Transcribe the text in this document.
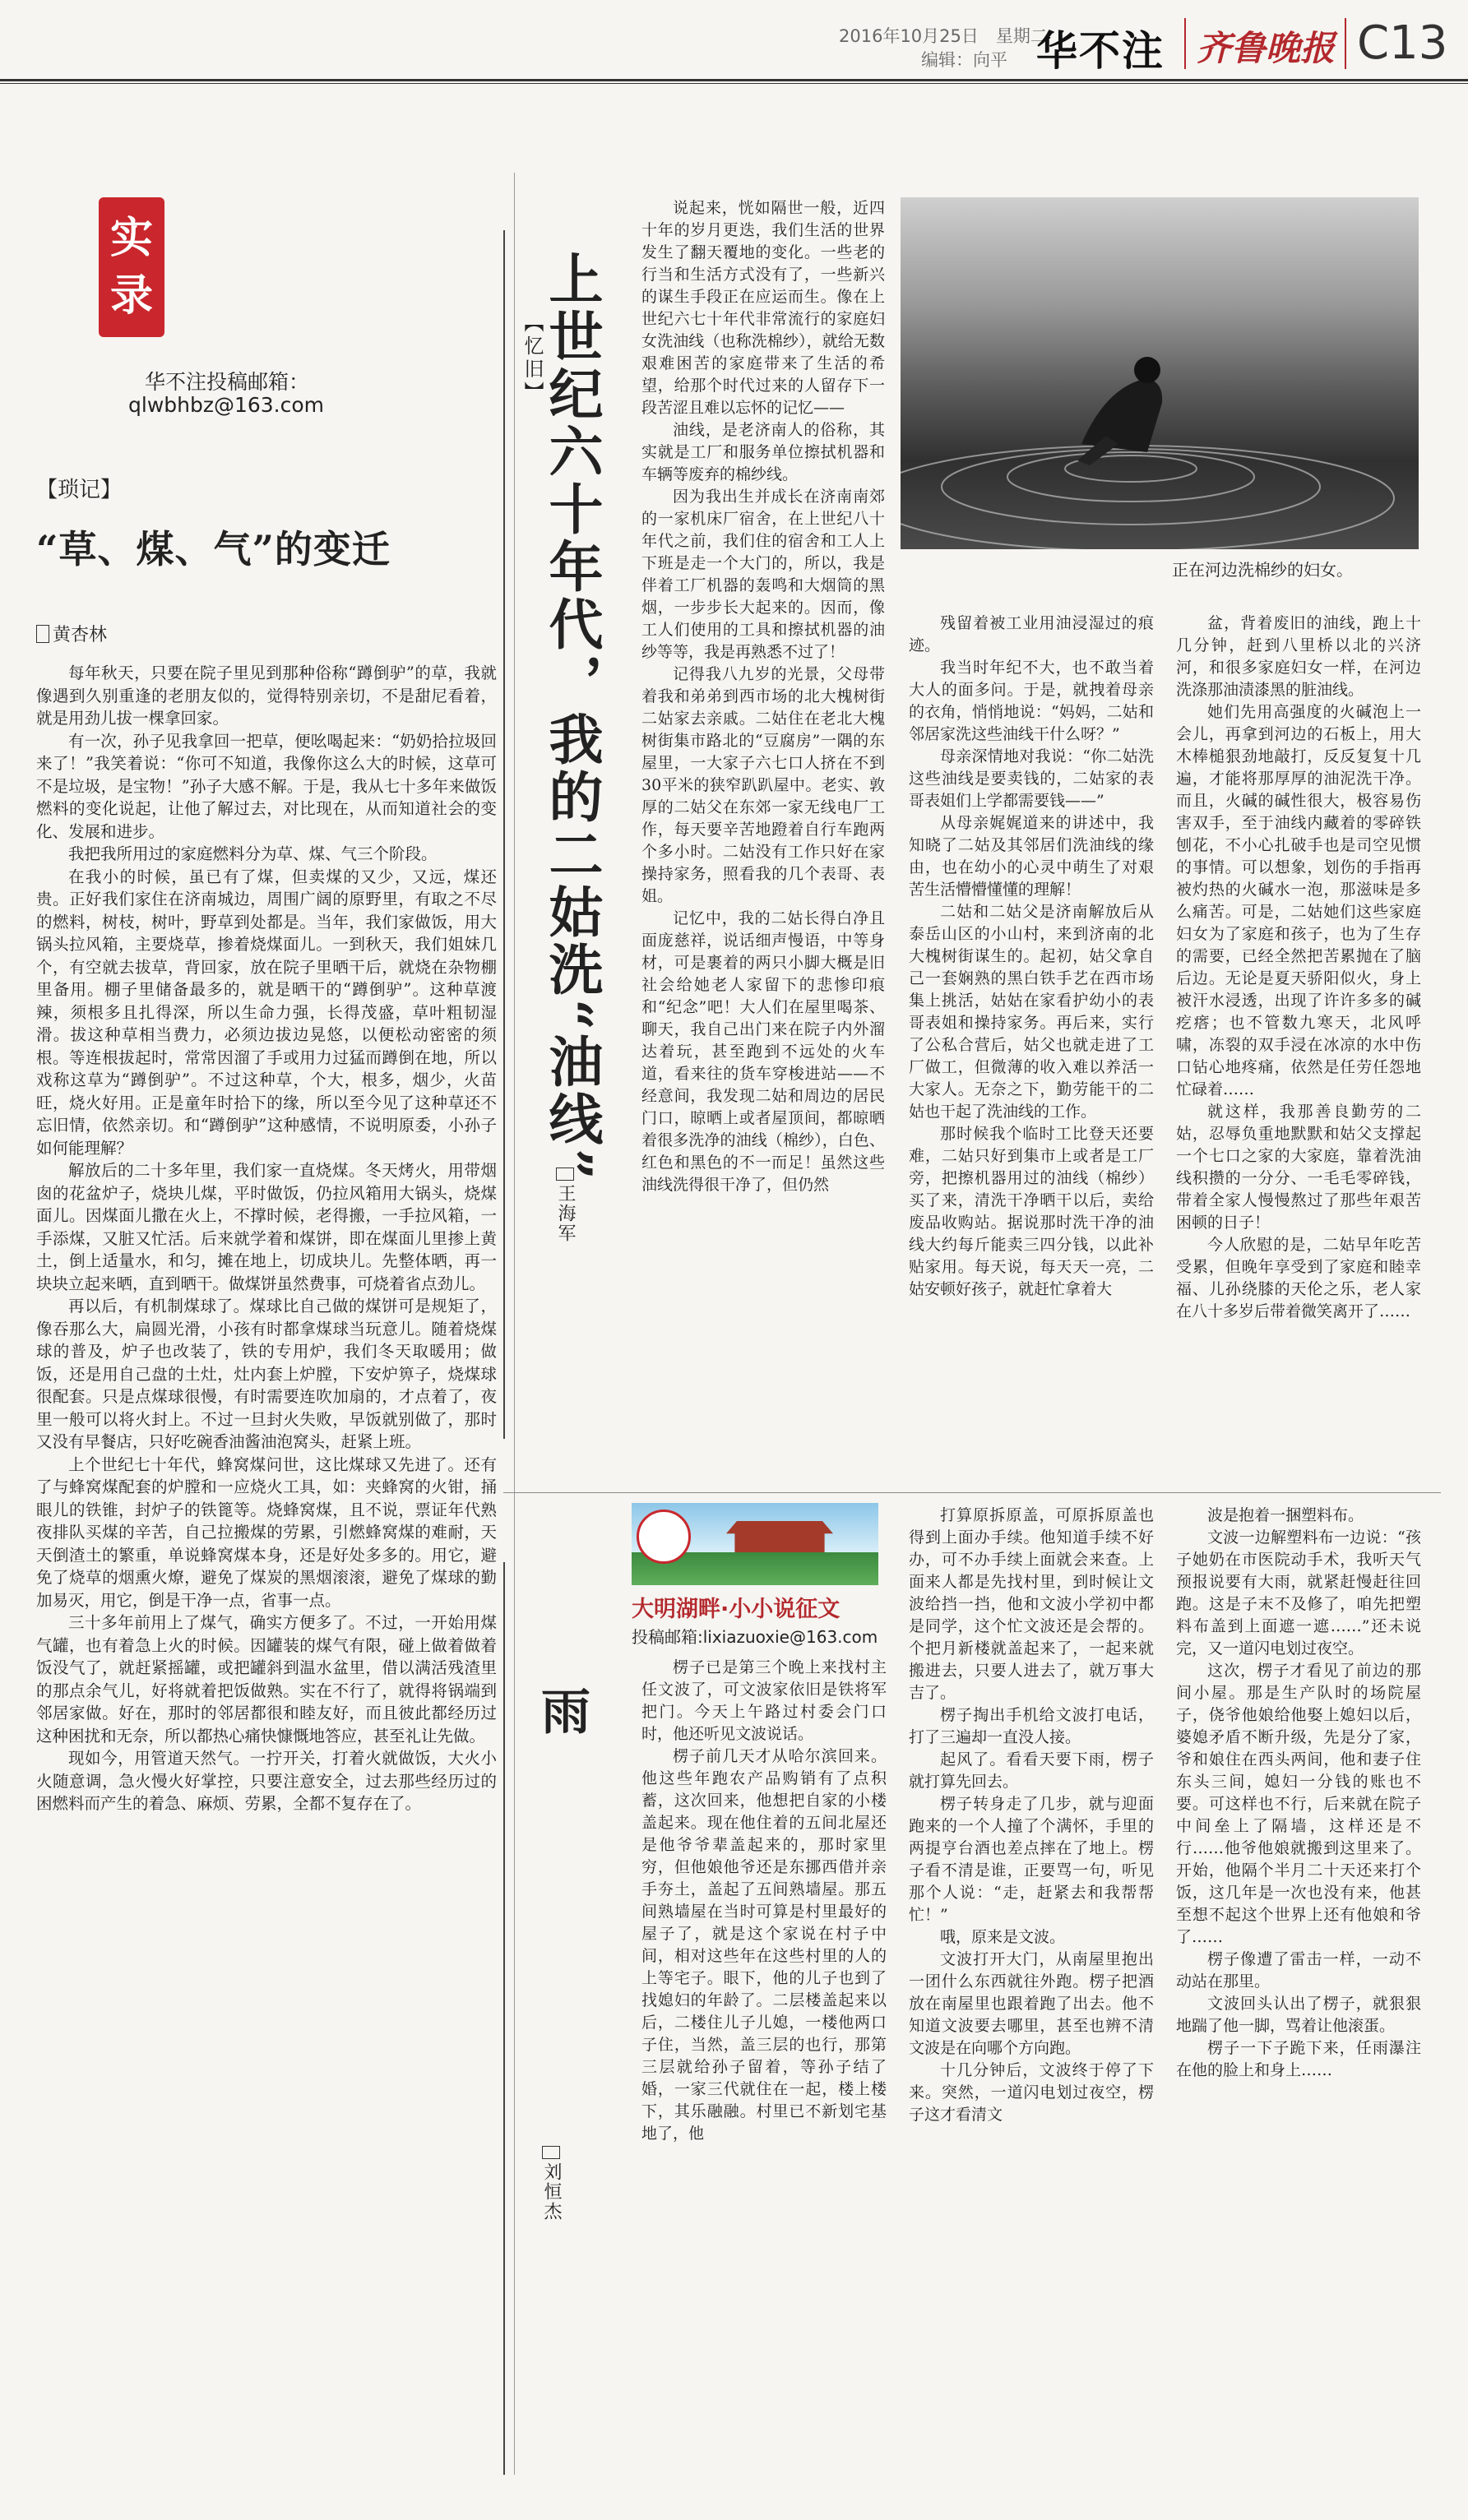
2016年10月25日　星期二
编辑：向平 华不注 齐鲁晚报 C13
实
录
华不注投稿邮箱：
qlwbhbz@163.com
【琐记】
“草、煤、气”的变迁
黄杏林

每年秋天，只要在院子里见到那种俗称“蹲倒驴”的草，我就像遇到久别重逢的老朋友似的，觉得特别亲切，不是甜尼看着，就是用劲儿拔一棵拿回家。

有一次，孙子见我拿回一把草，便吆喝起来：“奶奶拾拉圾回来了！”我笑着说：“你可不知道，我像你这么大的时候，这草可不是垃圾，是宝物！”孙子大感不解。于是，我从七十多年来做饭燃料的变化说起，让他了解过去，对比现在，从而知道社会的变化、发展和进步。

我把我所用过的家庭燃料分为草、煤、气三个阶段。

在我小的时候，虽已有了煤，但卖煤的又少，又远，煤还贵。正好我们家住在济南城边，周围广阔的原野里，有取之不尽的燃料，树枝，树叶，野草到处都是。当年，我们家做饭，用大锅头拉风箱，主要烧草，掺着烧煤面儿。一到秋天，我们姐妹几个，有空就去拔草，背回家，放在院子里晒干后，就烧在杂物棚里备用。棚子里储备最多的，就是晒干的“蹲倒驴”。这种草渡辣，须根多且扎得深，所以生命力强，长得茂盛，草叶粗韧湿滑。拔这种草相当费力，必须边拔边晃悠，以便松动密密的须根。等连根拔起时，常常因溜了手或用力过猛而蹲倒在地，所以戏称这草为“蹲倒驴”。不过这种草，个大，根多，烟少，火苗旺，烧火好用。正是童年时拾下的缘，所以至今见了这种草还不忘旧情，依然亲切。和“蹲倒驴”这种感情，不说明原委，小孙子如何能理解？

解放后的二十多年里，我们家一直烧煤。冬天烤火，用带烟囱的花盆炉子，烧块儿煤，平时做饭，仍拉风箱用大锅头，烧煤面儿。因煤面儿撒在火上，不撑时候，老得搬，一手拉风箱，一手添煤，又脏又忙活。后来就学着和煤饼，即在煤面儿里掺上黄土，倒上适量水，和匀，摊在地上，切成块儿。先整体晒，再一块块立起来晒，直到晒干。做煤饼虽然费事，可烧着省点劲儿。

再以后，有机制煤球了。煤球比自己做的煤饼可是规矩了，像吞那么大，扁圆光滑，小孩有时都拿煤球当玩意儿。随着烧煤球的普及，炉子也改装了，铁的专用炉，我们冬天取暖用；做饭，还是用自己盘的土灶，灶内套上炉膛，下安炉箅子，烧煤球很配套。只是点煤球很慢，有时需要连吹加扇的，才点着了，夜里一般可以将火封上。不过一旦封火失败，早饭就别做了，那时又没有早餐店，只好吃碗香油酱油泡窝头，赶紧上班。

上个世纪七十年代，蜂窝煤问世，这比煤球又先进了。还有了与蜂窝煤配套的炉膛和一应烧火工具，如：夹蜂窝的火钳，捅眼儿的铁锥，封炉子的铁篦等。烧蜂窝煤，且不说，票证年代熟夜排队买煤的辛苦，自己拉搬煤的劳累，引燃蜂窝煤的难耐，天天倒渣土的繁重，单说蜂窝煤本身，还是好处多多的。用它，避免了烧草的烟熏火燎，避免了煤炭的黑烟滚滚，避免了煤球的勤加易灭，用它，倒是干净一点，省事一点。

三十多年前用上了煤气，确实方便多了。不过，一开始用煤气罐，也有着急上火的时候。因罐装的煤气有限，碰上做着做着饭没气了，就赶紧摇罐，或把罐斜到温水盆里，借以满活残渣里的那点余气儿，好将就着把饭做熟。实在不行了，就得将锅端到邻居家做。好在，那时的邻居都很和睦友好，而且彼此都经历过这种困扰和无奈，所以都热心痛快慷慨地答应，甚至礼让先做。

现如今，用管道天然气。一拧开关，打着火就做饭，大火小火随意调，急火慢火好掌控，只要注意安全，过去那些经历过的困燃料而产生的着急、麻烦、劳累，全都不复存在了。

【忆旧】
上世纪六十年代，我的二姑洗“油线”
王海军

说起来，恍如隔世一般，近四十年的岁月更迭，我们生活的世界发生了翻天覆地的变化。一些老的行当和生活方式没有了，一些新兴的谋生手段正在应运而生。像在上世纪六七十年代非常流行的家庭妇女洗油线（也称洗棉纱），就给无数艰难困苦的家庭带来了生活的希望，给那个时代过来的人留存下一段苦涩且难以忘怀的记忆——

油线，是老济南人的俗称，其实就是工厂和服务单位擦拭机器和车辆等废弃的棉纱线。

因为我出生并成长在济南南郊的一家机床厂宿舍，在上世纪八十年代之前，我们住的宿舍和工人上下班是走一个大门的，所以，我是伴着工厂机器的轰鸣和大烟筒的黑烟，一步步长大起来的。因而，像工人们使用的工具和擦拭机器的油纱等等，我是再熟悉不过了！

记得我八九岁的光景，父母带着我和弟弟到西市场的北大槐树街二姑家去亲戚。二姑住在老北大槐树街集市路北的“豆腐房”一隅的东屋里，一大家子六七口人挤在不到30平米的狭窄趴趴屋中。老实、敦厚的二姑父在东郊一家无线电厂工作，每天要辛苦地蹬着自行车跑两个多小时。二姑没有工作只好在家操持家务，照看我的几个表哥、表姐。

记忆中，我的二姑长得白净且面庞慈祥，说话细声慢语，中等身材，可是裹着的两只小脚大概是旧社会给她老人家留下的悲惨印痕和“纪念”吧！大人们在屋里喝茶、聊天，我自己出门来在院子内外溜达着玩，甚至跑到不远处的火车道，看来往的货车穿梭进站——不经意间，我发现二姑和周边的居民门口，晾晒上或者屋顶间，都晾晒着很多洗净的油线（棉纱），白色、红色和黑色的不一而足！虽然这些油线洗得很干净了，但仍然

正在河边洗棉纱的妇女。

残留着被工业用油浸湿过的痕迹。

我当时年纪不大，也不敢当着大人的面多问。于是，就拽着母亲的衣角，悄悄地说：“妈妈，二姑和邻居家洗这些油线干什么呀？”

母亲深情地对我说：“你二姑洗这些油线是要卖钱的，二姑家的表哥表姐们上学都需要钱——”

从母亲娓娓道来的讲述中，我知晓了二姑及其邻居们洗油线的缘由，也在幼小的心灵中萌生了对艰苦生活懵懵懂懂的理解！

二姑和二姑父是济南解放后从泰岳山区的小山村，来到济南的北大槐树街谋生的。起初，姑父拿自己一套娴熟的黑白铁手艺在西市场集上挑活，姑姑在家看护幼小的表哥表姐和操持家务。再后来，实行了公私合营后，姑父也就走进了工厂做工，但微薄的收入难以养活一大家人。无奈之下，勤劳能干的二姑也干起了洗油线的工作。

那时候我个临时工比登天还要难，二姑只好到集市上或者是工厂旁，把擦机器用过的油线（棉纱）买了来，清洗干净晒干以后，卖给废品收购站。据说那时洗干净的油线大约每斤能卖三四分钱，以此补贴家用。每天说，每天天一亮，二姑安顿好孩子，就赶忙拿着大

盆，背着废旧的油线，跑上十几分钟，赶到八里桥以北的兴济河，和很多家庭妇女一样，在河边洗涤那油渍漆黑的脏油线。

她们先用高强度的火碱泡上一会儿，再拿到河边的石板上，用大木棒槌狠劲地敲打，反反复复十几遍，才能将那厚厚的油泥洗干净。而且，火碱的碱性很大，极容易伤害双手，至于油线内藏着的零碎铁刨花，不小心扎破手也是司空见惯的事情。可以想象，划伤的手指再被灼热的火碱水一泡，那滋味是多么痛苦。可是，二姑她们这些家庭妇女为了家庭和孩子，也为了生存的需要，已经全然把苦累抛在了脑后边。无论是夏天骄阳似火，身上被汗水浸透，出现了许许多多的碱疙瘩；也不管数九寒天，北风呼啸，冻裂的双手浸在冰凉的水中伤口钻心地疼痛，依然是任劳任怨地忙碌着……

就这样，我那善良勤劳的二姑，忍辱负重地默默和姑父支撑起一个七口之家的大家庭，靠着洗油线积攒的一分分、一毛毛零碎钱，带着全家人慢慢熬过了那些年艰苦困顿的日子！

今人欣慰的是，二姑早年吃苦受累，但晚年享受到了家庭和睦幸福、儿孙绕膝的天伦之乐，老人家在八十多岁后带着微笑离开了……

雨
刘恒杰
大明湖畔·小小说征文
投稿邮箱:lixiazuoxie@163.com

楞子已是第三个晚上来找村主任文波了，可文波家依旧是铁将军把门。今天上午路过村委会门口时，他还听见文波说话。

楞子前几天才从哈尔滨回来。他这些年跑农产品购销有了点积蓄，这次回来，他想把自家的小楼盖起来。现在他住着的五间北屋还是他爷爷辈盖起来的，那时家里穷，但他娘他爷还是东挪西借并亲手夯土，盖起了五间熟墙屋。那五间熟墙屋在当时可算是村里最好的屋子了，就是这个家说在村子中间，相对这些年在这些村里的人的上等宅子。眼下，他的儿子也到了找媳妇的年龄了。二层楼盖起来以后，二楼住儿子儿媳，一楼他两口子住，当然，盖三层的也行，那第三层就给孙子留着，等孙子结了婚，一家三代就住在一起，楼上楼下，其乐融融。村里已不新划宅基地了，他

打算原拆原盖，可原拆原盖也得到上面办手续。他知道手续不好办，可不办手续上面就会来查。上面来人都是先找村里，到时候让文波给挡一挡，他和文波小学初中都是同学，这个忙文波还是会帮的。个把月新楼就盖起来了，一起来就搬进去，只要人进去了，就万事大吉了。

楞子掏出手机给文波打电话，打了三遍却一直没人接。

起风了。看看天要下雨，楞子就打算先回去。

楞子转身走了几步，就与迎面跑来的一个人撞了个满怀，手里的两提亨台酒也差点摔在了地上。楞子看不清是谁，正要骂一句，听见那个人说：“走，赶紧去和我帮帮忙！”

哦，原来是文波。

文波打开大门，从南屋里抱出一团什么东西就往外跑。楞子把酒放在南屋里也跟着跑了出去。他不知道文波要去哪里，甚至也辨不清文波是在向哪个方向跑。

十几分钟后，文波终于停了下来。突然，一道闪电划过夜空，楞子这才看清文

波是抱着一捆塑料布。

文波一边解塑料布一边说：“孩子她奶在市医院动手术，我听天气预报说要有大雨，就紧赶慢赶往回跑。这是子末不及修了，咱先把塑料布盖到上面遮一遮……”还未说完，又一道闪电划过夜空。

这次，楞子才看见了前边的那间小屋。那是生产队时的场院屋子，侥爷他娘给他娶上媳妇以后，婆媳矛盾不断升级，先是分了家，爷和娘住在西头两间，他和妻子住东头三间，媳妇一分钱的账也不要。可这样也不行，后来就在院子中间垒上了隔墙，这样还是不行……他爷他娘就搬到这里来了。开始，他隔个半月二十天还来打个饭，这几年是一次也没有来，他甚至想不起这个世界上还有他娘和爷了……

楞子像遭了雷击一样，一动不动站在那里。

文波回头认出了楞子，就狠狠地踹了他一脚，骂着让他滚蛋。

楞子一下子跪下来，任雨瀑注在他的脸上和身上……
